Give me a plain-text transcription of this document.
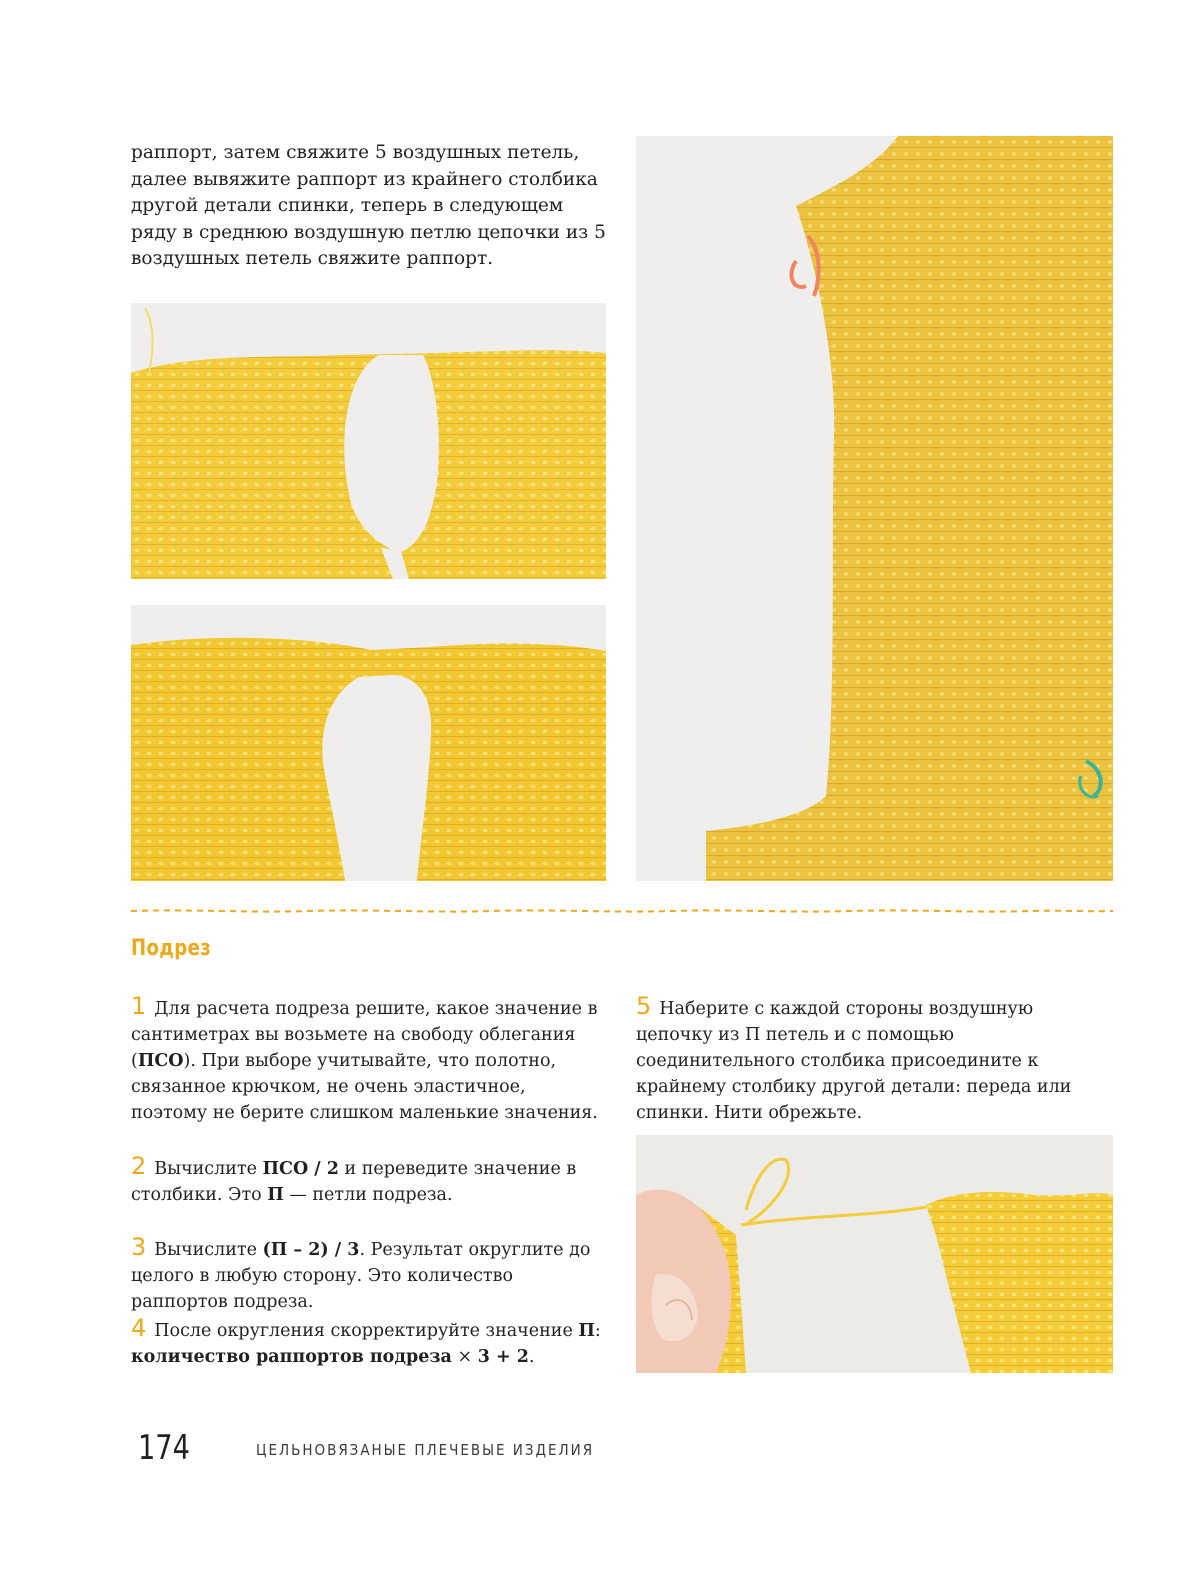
раппорт, затем свяжите 5 воздушных петель, далее вывяжите раппорт из крайнего столбика другой детали спинки, теперь в следующем ряду в среднюю воздушную петлю цепочки из 5 воздушных петель свяжите раппорт.

Подрез

1 Для расчета подреза решите, какое значение в сантиметрах вы возьмете на свободу облегания (ПСО). При выборе учитывайте, что полотно, связанное крючком, не очень эластичное, поэтому не берите слишком маленькие значения.

2 Вычислите ПСО / 2 и переведите значение в столбики. Это П — петли подреза.

3 Вычислите (П – 2) / 3. Результат округлите до целого в любую сторону. Это количество раппортов подреза.

4 После округления скорректируйте значение П:
количество раппортов подреза × 3 + 2.

5 Наберите с каждой стороны воздушную цепочку из П петель и с помощью соединительного столбика присоедините к крайнему столбику другой детали: переда или спинки. Нити обрежьте.

174	ЦЕЛЬНОВЯЗАНЫЕ ПЛЕЧЕВЫЕ ИЗДЕЛИЯ
